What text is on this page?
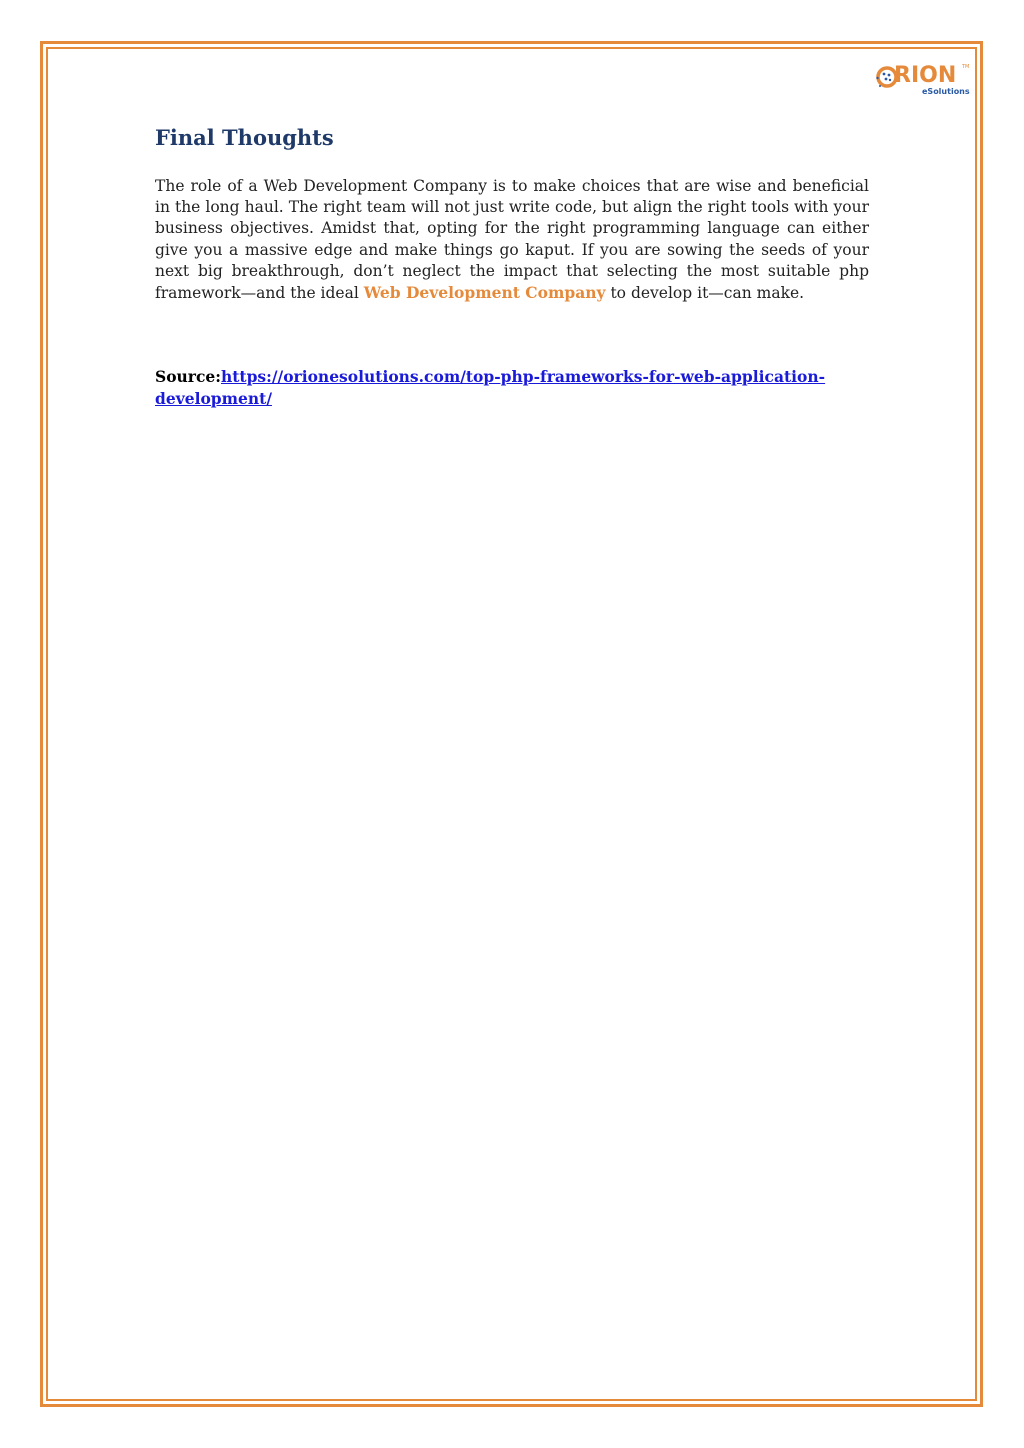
RION TM
eSolutions
Final Thoughts

The role of a Web Development Company is to make choices that are wise and beneficial in the long haul. The right team will not just write code, but align the right tools with your business objectives. Amidst that, opting for the right programming language can either give you a massive edge and make things go kaput. If you are sowing the seeds of your next big breakthrough, don’t neglect the impact that selecting the most suitable php framework—and the ideal Web Development Company to develop it—can make.

Source:https://orionesolutions.com/top-php-frameworks-for-web-application-development/
